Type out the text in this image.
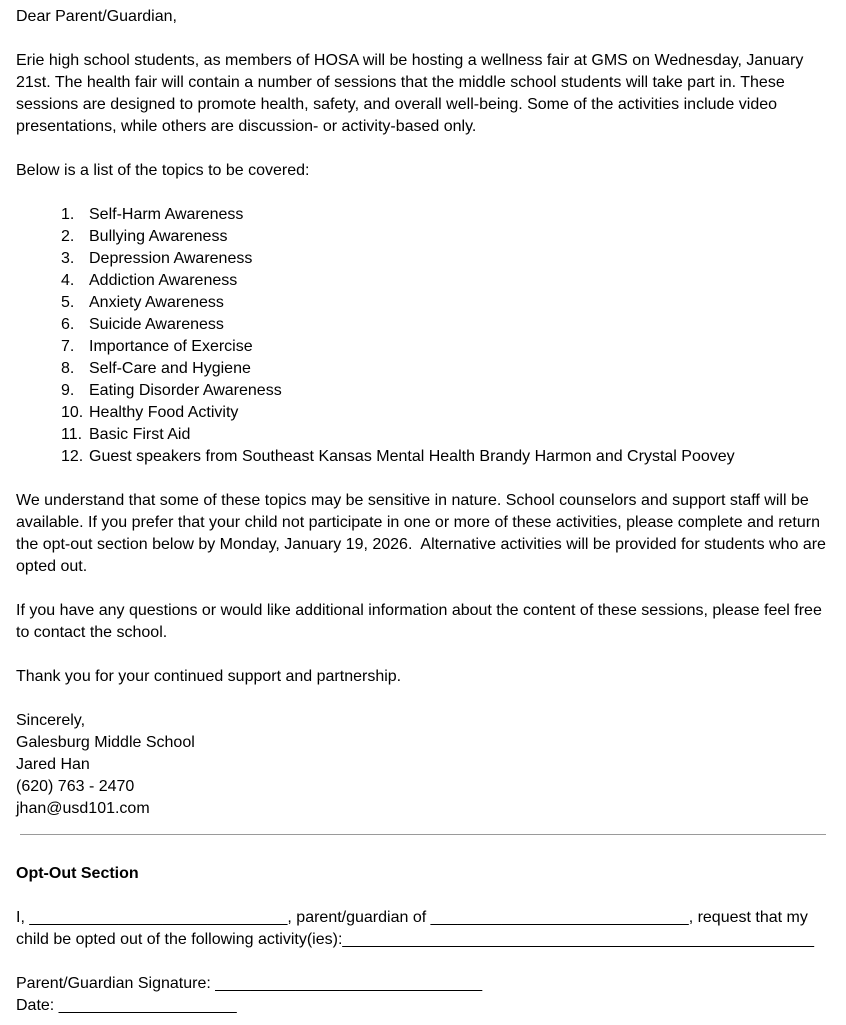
Dear Parent/Guardian,

Erie high school students, as members of HOSA will be hosting a wellness fair at GMS on Wednesday, January 21st. The health fair will contain a number of sessions that the middle school students will take part in. These sessions are designed to promote health, safety, and overall well-being. Some of the activities include video presentations, while others are discussion- or activity-based only.

Below is a list of the topics to be covered:

1. Self-Harm Awareness
2. Bullying Awareness
3. Depression Awareness
4. Addiction Awareness
5. Anxiety Awareness
6. Suicide Awareness
7. Importance of Exercise
8. Self-Care and Hygiene
9. Eating Disorder Awareness
10. Healthy Food Activity
11. Basic First Aid
12. Guest speakers from Southeast Kansas Mental Health Brandy Harmon and Crystal Poovey

We understand that some of these topics may be sensitive in nature. School counselors and support staff will be available. If you prefer that your child not participate in one or more of these activities, please complete and return the opt-out section below by Monday, January 19, 2026.  Alternative activities will be provided for students who are opted out.

If you have any questions or would like additional information about the content of these sessions, please feel free to contact the school.

Thank you for your continued support and partnership.

Sincerely,

Galesburg Middle School

Jared Han

(620) 763 - 2470

jhan@usd101.com

Opt-Out Section

I, _____________________________, parent/guardian of _____________________________, request that my child be opted out of the following activity(ies):_____________________________________________________

Parent/Guardian Signature: ______________________________

Date: ____________________
